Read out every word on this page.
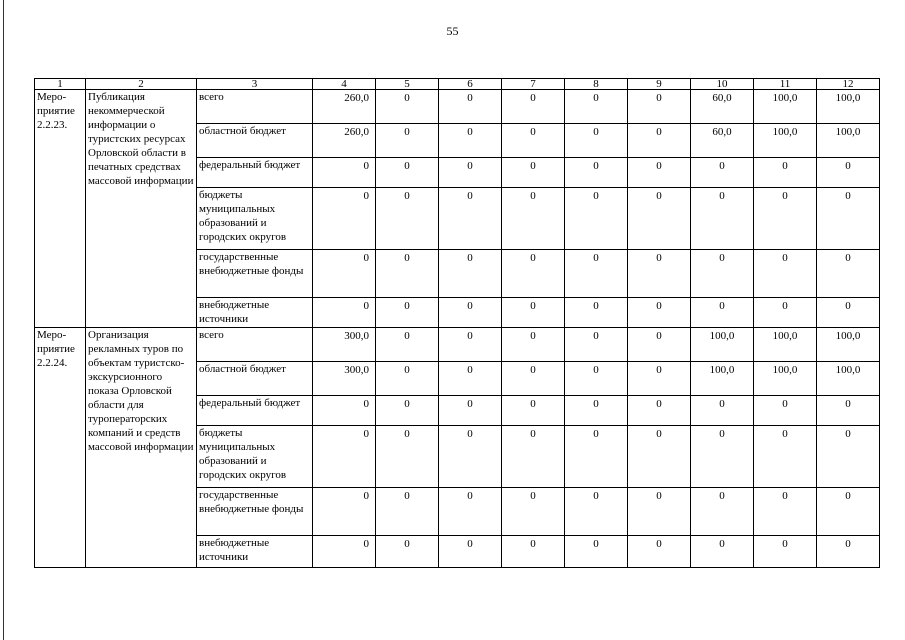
55
1	2	3	4	5	6	7	8	9	10	11	12
Меро-приятие 2.2.23.	Публикация некоммерческой информации о туристских ресурсах Орловской области в печатных средствах массовой информации	всего	260,0	0	0	0	0	0	60,0	100,0	100,0
		областной бюджет	260,0	0	0	0	0	0	60,0	100,0	100,0
		федеральный бюджет	0	0	0	0	0	0	0	0	0
		бюджеты муниципальных образований и городских округов	0	0	0	0	0	0	0	0	0
		государственные внебюджетные фонды	0	0	0	0	0	0	0	0	0
		внебюджетные источники	0	0	0	0	0	0	0	0	0
Меро-приятие 2.2.24.	Организация рекламных туров по объектам туристско-экскурсионного показа Орловской области для туроператорских компаний и средств массовой информации	всего	300,0	0	0	0	0	0	100,0	100,0	100,0
		областной бюджет	300,0	0	0	0	0	0	100,0	100,0	100,0
		федеральный бюджет	0	0	0	0	0	0	0	0	0
		бюджеты муниципальных образований и городских округов	0	0	0	0	0	0	0	0	0
		государственные внебюджетные фонды	0	0	0	0	0	0	0	0	0
		внебюджетные источники	0	0	0	0	0	0	0	0	0
